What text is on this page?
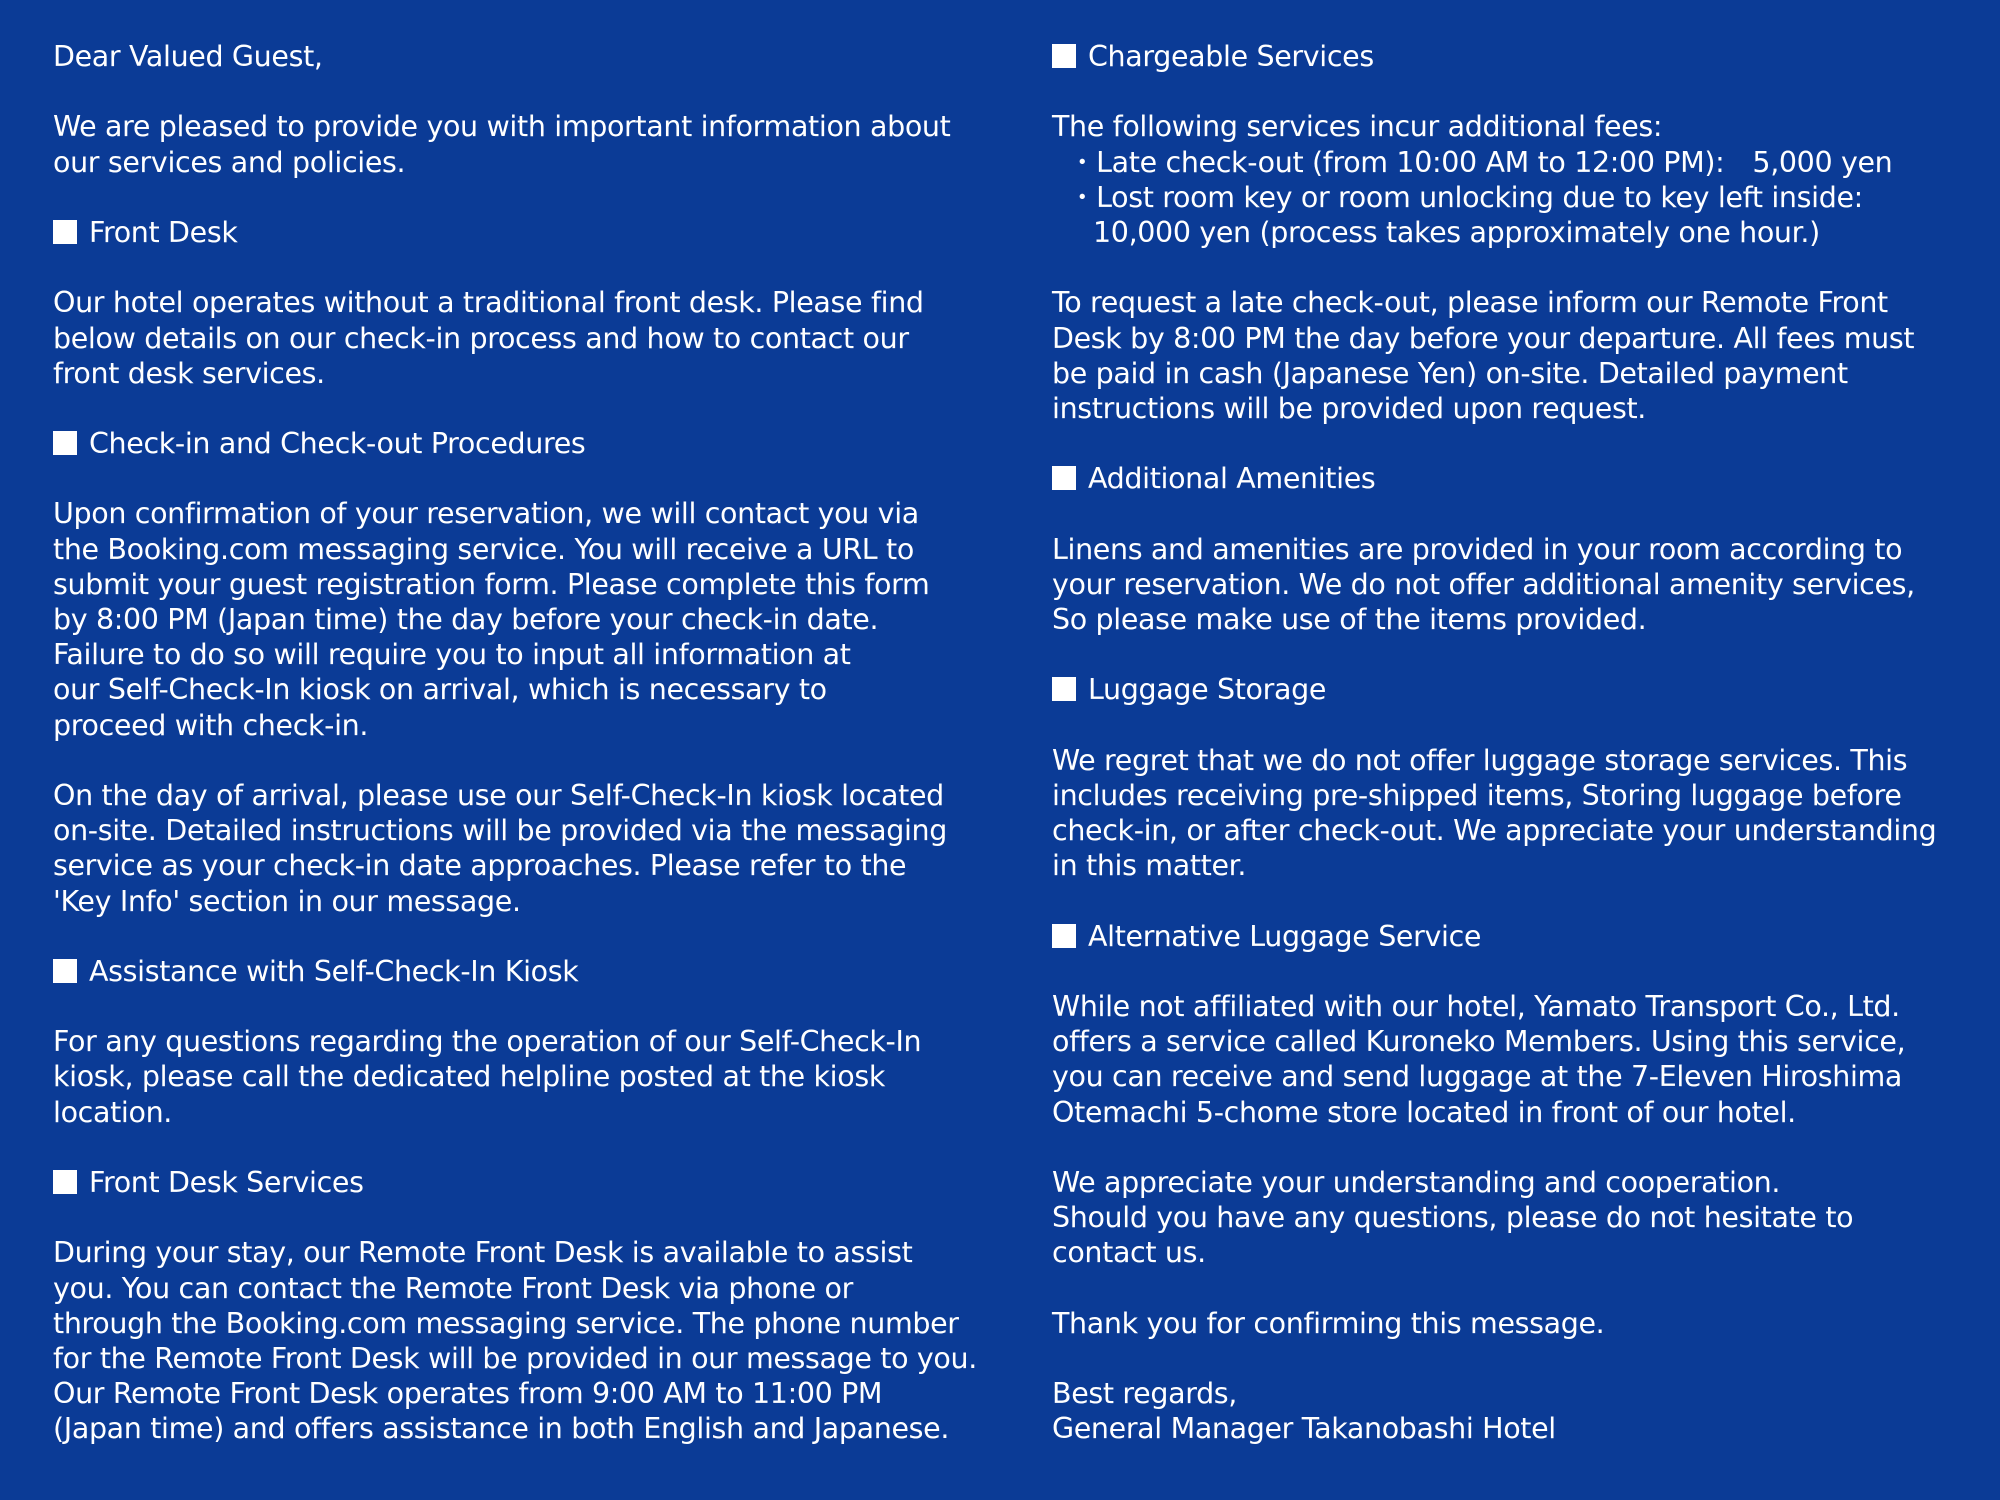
Dear Valued Guest,
We are pleased to provide you with important information about
our services and policies.
Front Desk
Our hotel operates without a traditional front desk. Please find
below details on our check-in process and how to contact our
front desk services.
Check-in and Check-out Procedures
Upon confirmation of your reservation, we will contact you via
the Booking.com messaging service. You will receive a URL to
submit your guest registration form. Please complete this form
by 8:00 PM (Japan time) the day before your check-in date.
Failure to do so will require you to input all information at
our Self-Check-In kiosk on arrival, which is necessary to
proceed with check-in.
On the day of arrival, please use our Self-Check-In kiosk located
on-site. Detailed instructions will be provided via the messaging
service as your check-in date approaches. Please refer to the
'Key Info' section in our message.
Assistance with Self-Check-In Kiosk
For any questions regarding the operation of our Self-Check-In
kiosk, please call the dedicated helpline posted at the kiosk
location.
Front Desk Services
During your stay, our Remote Front Desk is available to assist
you. You can contact the Remote Front Desk via phone or
through the Booking.com messaging service. The phone number
for the Remote Front Desk will be provided in our message to you.
Our Remote Front Desk operates from 9:00 AM to 11:00 PM
(Japan time) and offers assistance in both English and Japanese.
Chargeable Services
The following services incur additional fees:
・Late check-out (from 10:00 AM to 12:00 PM): 5,000 yen
・Lost room key or room unlocking due to key left inside:
10,000 yen (process takes approximately one hour.)
To request a late check-out, please inform our Remote Front
Desk by 8:00 PM the day before your departure. All fees must
be paid in cash (Japanese Yen) on-site. Detailed payment
instructions will be provided upon request.
Additional Amenities
Linens and amenities are provided in your room according to
your reservation. We do not offer additional amenity services,
So please make use of the items provided.
Luggage Storage
We regret that we do not offer luggage storage services. This
includes receiving pre-shipped items, Storing luggage before
check-in, or after check-out. We appreciate your understanding
in this matter.
Alternative Luggage Service
While not affiliated with our hotel, Yamato Transport Co., Ltd.
offers a service called Kuroneko Members. Using this service,
you can receive and send luggage at the 7-Eleven Hiroshima
Otemachi 5-chome store located in front of our hotel.
We appreciate your understanding and cooperation.
Should you have any questions, please do not hesitate to
contact us.
Thank you for confirming this message.
Best regards,
General Manager Takanobashi Hotel
